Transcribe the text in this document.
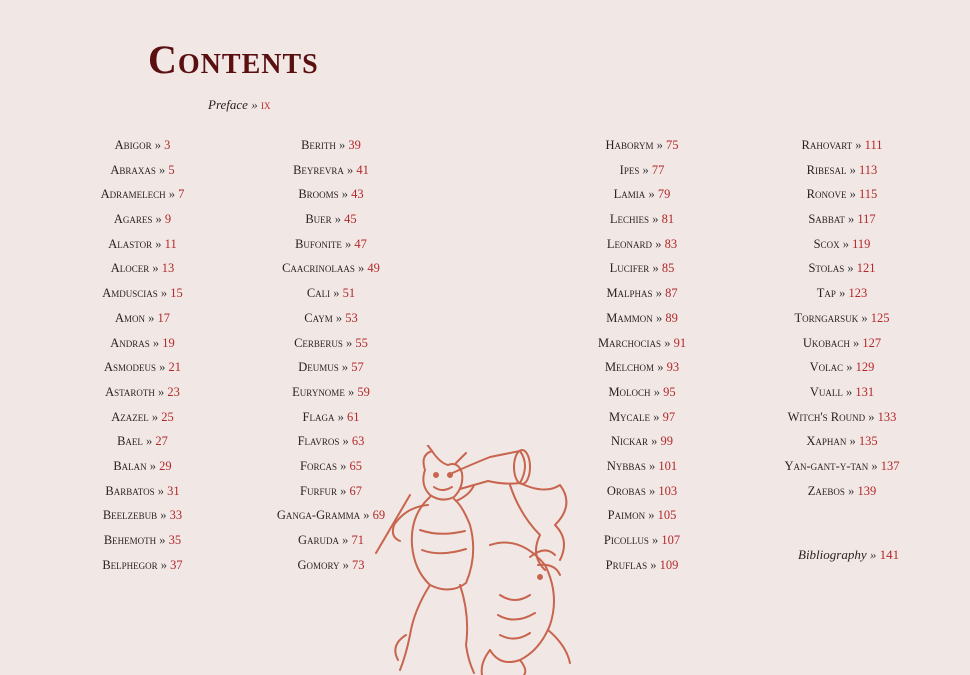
Contents
Preface » ix
Abigor » 3
Abraxas » 5
Adramelech » 7
Agares » 9
Alastor » 11
Alocer » 13
Amduscias » 15
Amon » 17
Andras » 19
Asmodeus » 21
Astaroth » 23
Azazel » 25
Bael » 27
Balan » 29
Barbatos » 31
Beelzebub » 33
Behemoth » 35
Belphegor » 37
Berith » 39
Beyrevra » 41
Brooms » 43
Buer » 45
Bufonite » 47
Caacrinolaas » 49
Cali » 51
Caym » 53
Cerberus » 55
Deumus » 57
Eurynome » 59
Flaga » 61
Flavros » 63
Forcas » 65
Furfur » 67
Ganga-Gramma » 69
Garuda » 71
Gomory » 73
Haborym » 75
Ipes » 77
Lamia » 79
Lechies » 81
Leonard » 83
Lucifer » 85
Malphas » 87
Mammon » 89
Marchocias » 91
Melchom » 93
Moloch » 95
Mycale » 97
Nickar » 99
Nybbas » 101
Orobas » 103
Paimon » 105
Picollus » 107
Pruflas » 109
Rahovart » 111
Ribesal » 113
Ronove » 115
Sabbat » 117
Scox » 119
Stolas » 121
Tap » 123
Torngarsuk » 125
Ukobach » 127
Volac » 129
Vuall » 131
Witch's Round » 133
Xaphan » 135
Yan-gant-y-tan » 137
Zaebos » 139
Bibliography » 141
